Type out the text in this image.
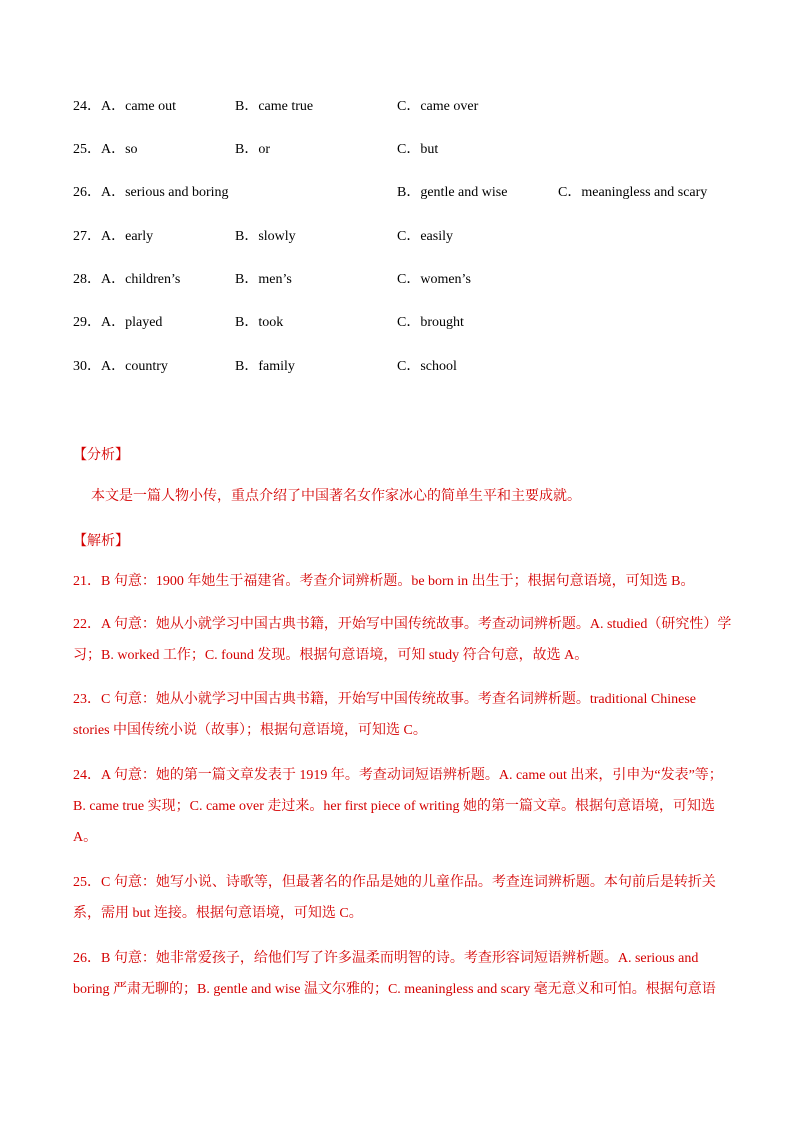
24． A．came out	B．came true	C．came over
25． A．so	B．or	C．but
26． A．serious and boring	B．gentle and wise	C．meaningless and scary
27． A．early	B．slowly	C．easily
28． A．children’s	B．men’s	C．women’s
29． A．played	B．took	C．brought
30． A．country	B．family	C．school
【分析】
本文是一篇人物小传，重点介绍了中国著名女作家冰心的简单生平和主要成就。
【解析】
21．B 句意：1900 年她生于福建省。考查介词辨析题。be born in 出生于；根据句意语境，可知选 B。
22．A 句意：她从小就学习中国古典书籍，开始写中国传统故事。考查动词辨析题。A. studied（研究性）学习；B. worked 工作；C. found 发现。根据句意语境，可知 study 符合句意，故选 A。
23．C 句意：她从小就学习中国古典书籍，开始写中国传统故事。考查名词辨析题。traditional Chinese stories 中国传统小说（故事）；根据句意语境，可知选 C。
24．A 句意：她的第一篇文章发表于 1919 年。考查动词短语辨析题。A. came out 出来，引申为“发表”等；B. came true 实现；C. came over 走过来。her first piece of writing 她的第一篇文章。根据句意语境，可知选 A。
25．C 句意：她写小说、诗歌等，但最著名的作品是她的儿童作品。考查连词辨析题。本句前后是转折关系，需用 but 连接。根据句意语境，可知选 C。
26．B 句意：她非常爱孩子，给他们写了许多温柔而明智的诗。考查形容词短语辨析题。A. serious and boring 严肃无聊的；B. gentle and wise 温文尔雅的；C. meaningless and scary 毫无意义和可怕。根据句意语
